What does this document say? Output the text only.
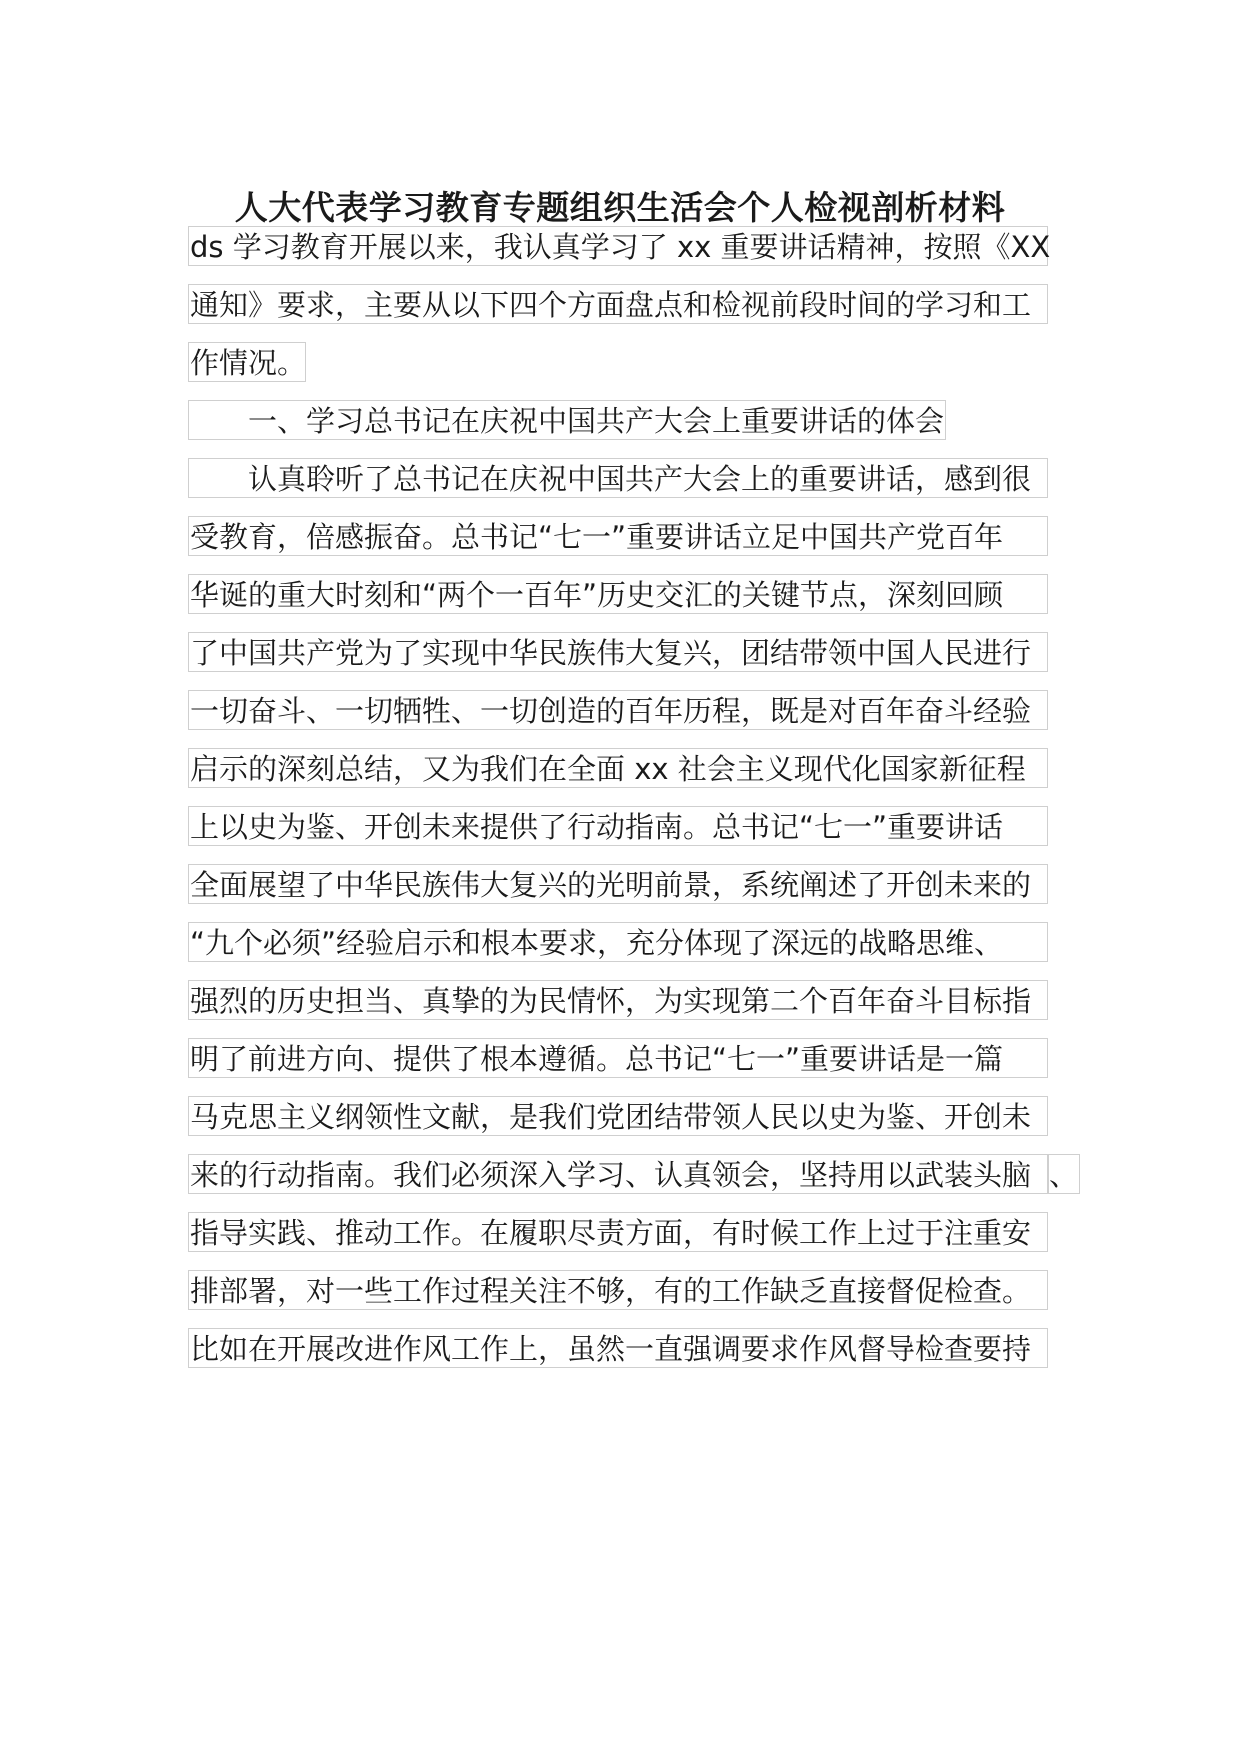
人大代表学习教育专题组织生活会个人检视剖析材料
ds 学习教育开展以来，我认真学习了 xx 重要讲话精神，按照《XX
通知》要求，主要从以下四个方面盘点和检视前段时间的学习和工
作情况。
　　一、学习总书记在庆祝中国共产大会上重要讲话的体会
　　认真聆听了总书记在庆祝中国共产大会上的重要讲话，感到很
受教育，倍感振奋。总书记“七一”重要讲话立足中国共产党百年
华诞的重大时刻和“两个一百年”历史交汇的关键节点，深刻回顾
了中国共产党为了实现中华民族伟大复兴，团结带领中国人民进行
一切奋斗、一切牺牲、一切创造的百年历程，既是对百年奋斗经验
启示的深刻总结，又为我们在全面 xx 社会主义现代化国家新征程
上以史为鉴、开创未来提供了行动指南。总书记“七一”重要讲话
全面展望了中华民族伟大复兴的光明前景，系统阐述了开创未来的
“九个必须”经验启示和根本要求，充分体现了深远的战略思维、
强烈的历史担当、真挚的为民情怀，为实现第二个百年奋斗目标指
明了前进方向、提供了根本遵循。总书记“七一”重要讲话是一篇
马克思主义纲领性文献，是我们党团结带领人民以史为鉴、开创未
来的行动指南。我们必须深入学习、认真领会，坚持用以武装头脑 、
指导实践、推动工作。在履职尽责方面，有时候工作上过于注重安
排部署，对一些工作过程关注不够，有的工作缺乏直接督促检查。
比如在开展改进作风工作上，虽然一直强调要求作风督导检查要持
